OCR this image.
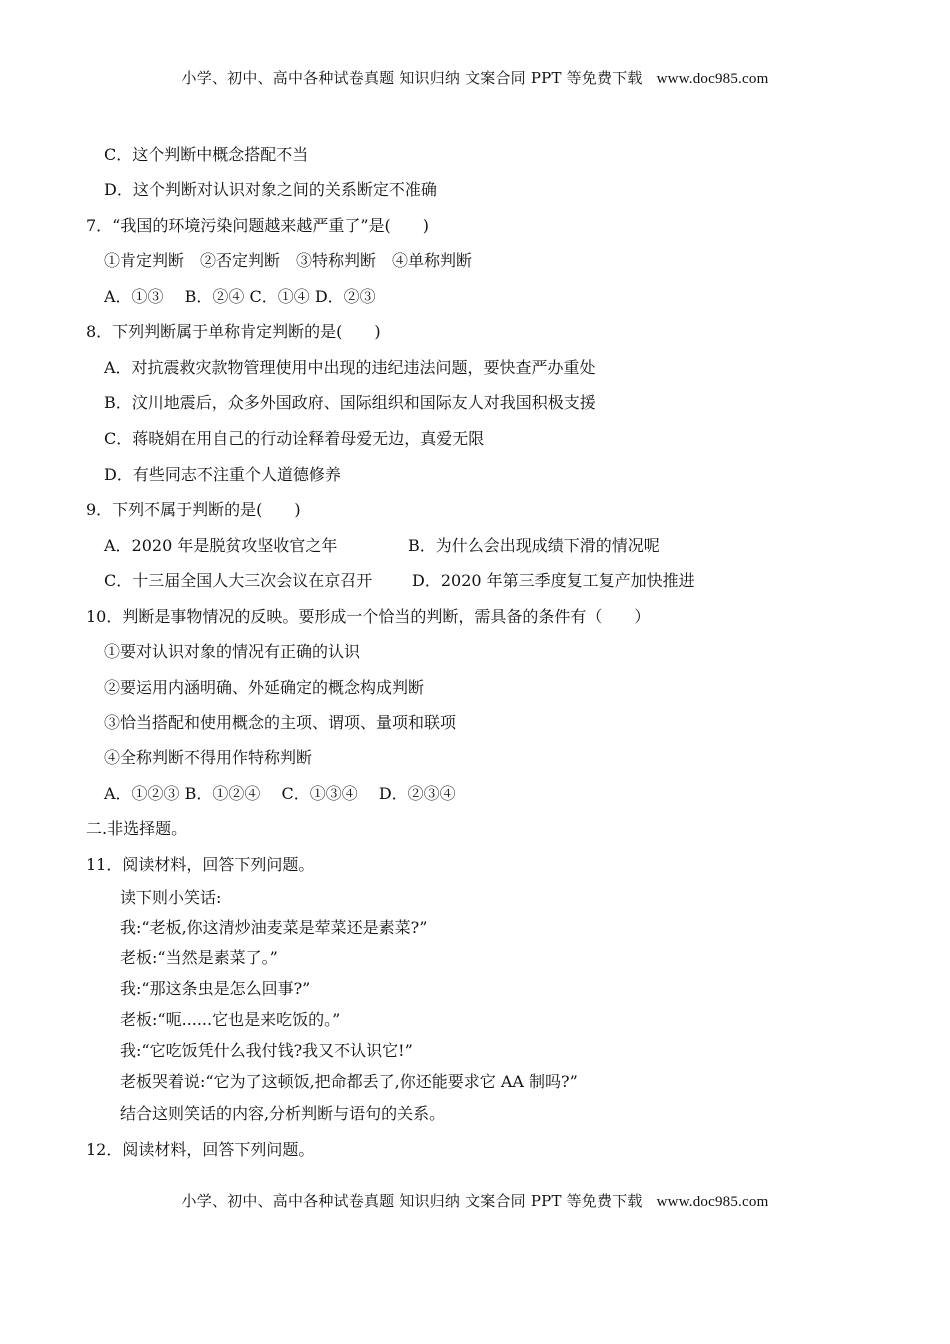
小学、初中、高中各种试卷真题 知识归纳 文案合同 PPT 等免费下载 www.doc985.com
C．这个判断中概念搭配不当
D．这个判断对认识对象之间的关系断定不准确
7．“我国的环境污染问题越来越严重了”是(　　)
①肯定判断　②否定判断　③特称判断　④单称判断
A．①③　 B．②④ C．①④ D．②③
8．下列判断属于单称肯定判断的是(　　)
A．对抗震救灾款物管理使用中出现的违纪违法问题，要快查严办重处
B．汶川地震后，众多外国政府、国际组织和国际友人对我国积极支援
C．蒋晓娟在用自己的行动诠释着母爱无边，真爱无限
D．有些同志不注重个人道德修养
9．下列不属于判断的是(　　)
A．2020 年是脱贫攻坚收官之年	B．为什么会出现成绩下滑的情况呢
C．十三届全国人大三次会议在京召开 D．2020 年第三季度复工复产加快推进
10．判断是事物情况的反映。要形成一个恰当的判断，需具备的条件有（　　）
①要对认识对象的情况有正确的认识
②要运用内涵明确、外延确定的概念构成判断
③恰当搭配和使用概念的主项、谓项、量项和联项
④全称判断不得用作特称判断
A．①②③ B．①②④　 C．①③④　 D．②③④
二.非选择题。
11．阅读材料，回答下列问题。
读下则小笑话:
我:“老板,你这清炒油麦菜是荤菜还是素菜?”
老板:“当然是素菜了。”
我:“那这条虫是怎么回事?”
老板:“呃......它也是来吃饭的。”
我:“它吃饭凭什么我付钱?我又不认识它!”
老板哭着说:“它为了这顿饭,把命都丢了,你还能要求它 AA 制吗?”
结合这则笑话的内容,分析判断与语句的关系。
12．阅读材料，回答下列问题。
小学、初中、高中各种试卷真题 知识归纳 文案合同 PPT 等免费下载 www.doc985.com
